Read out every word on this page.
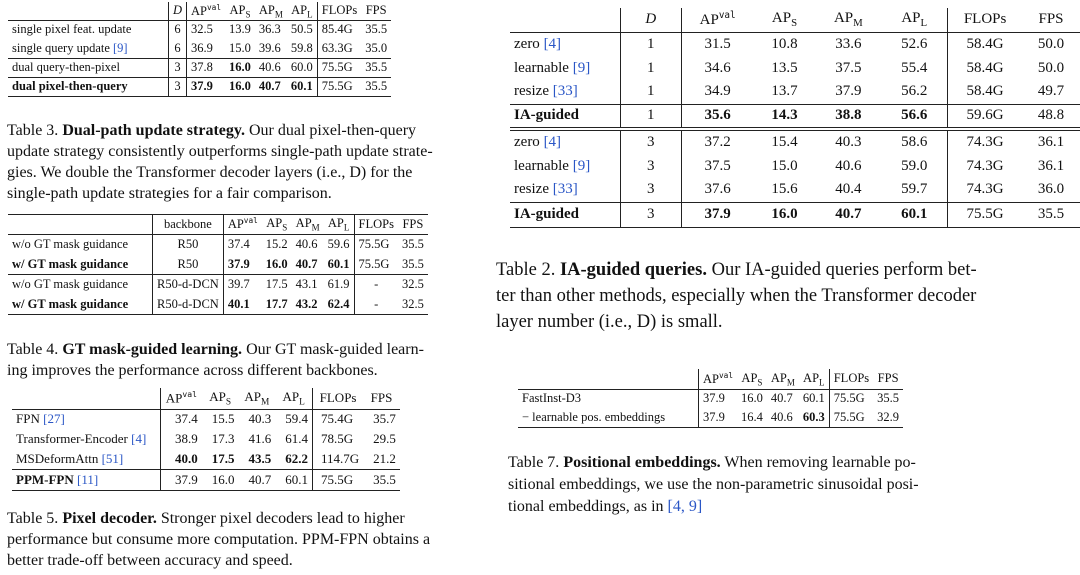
	D	$AP^{val}$	$AP_S$	$AP_M$	$AP_L$	FLOPs	FPS
single pixel feat. update	6	32.5	13.9	36.3	50.5	85.4G	35.5
single query update [9]	6	36.9	15.0	39.6	59.8	63.3G	35.0
dual query-then-pixel	3	37.8	16.0	40.6	60.0	75.5G	35.5
dual pixel-then-query	3	37.9	16.0	40.7	60.1	75.5G	35.5
Table 3. Dual-path update strategy. Our dual pixel-then-query
update strategy consistently outperforms single-path update strate-
gies. We double the Transformer decoder layers (i.e., D) for the
single-path update strategies for a fair comparison.
	backbone	$AP^{val}$	$AP_S$	$AP_M$	$AP_L$	FLOPs	FPS
w/o GT mask guidance	R50	37.4	15.2	40.6	59.6	75.5G	35.5
w/ GT mask guidance	R50	37.9	16.0	40.7	60.1	75.5G	35.5
w/o GT mask guidance	R50-d-DCN	39.7	17.5	43.1	61.9	-	32.5
w/ GT mask guidance	R50-d-DCN	40.1	17.7	43.2	62.4	-	32.5
Table 4. GT mask-guided learning. Our GT mask-guided learn-
ing improves the performance across different backbones.
	$AP^{val}$	$AP_S$	$AP_M$	$AP_L$	FLOPs	FPS
FPN [27]	37.4	15.5	40.3	59.4	75.4G	35.7
Transformer-Encoder [4]	38.9	17.3	41.6	61.4	78.5G	29.5
MSDeformAttn [51]	40.0	17.5	43.5	62.2	114.7G	21.2
PPM-FPN [11]	37.9	16.0	40.7	60.1	75.5G	35.5
Table 5. Pixel decoder. Stronger pixel decoders lead to higher
performance but consume more computation. PPM-FPN obtains a
better trade-off between accuracy and speed.
	D	$AP^{val}$	$AP_S$	$AP_M$	$AP_L$	FLOPs	FPS
zero [4]	1	31.5	10.8	33.6	52.6	58.4G	50.0
learnable [9]	1	34.6	13.5	37.5	55.4	58.4G	50.0
resize [33]	1	34.9	13.7	37.9	56.2	58.4G	49.7
IA-guided	1	35.6	14.3	38.8	56.6	59.6G	48.8
zero [4]	3	37.2	15.4	40.3	58.6	74.3G	36.1
learnable [9]	3	37.5	15.0	40.6	59.0	74.3G	36.1
resize [33]	3	37.6	15.6	40.4	59.7	74.3G	36.0
IA-guided	3	37.9	16.0	40.7	60.1	75.5G	35.5
Table 2. IA-guided queries. Our IA-guided queries perform bet-
ter than other methods, especially when the Transformer decoder
layer number (i.e., D) is small.
	$AP^{val}$	$AP_S$	$AP_M$	$AP_L$	FLOPs	FPS
FastInst-D3	37.9	16.0	40.7	60.1	75.5G	35.5
− learnable pos. embeddings	37.9	16.4	40.6	60.3	75.5G	32.9
Table 7. Positional embeddings. When removing learnable po-
sitional embeddings, we use the non-parametric sinusoidal posi-
tional embeddings, as in [4, 9]
